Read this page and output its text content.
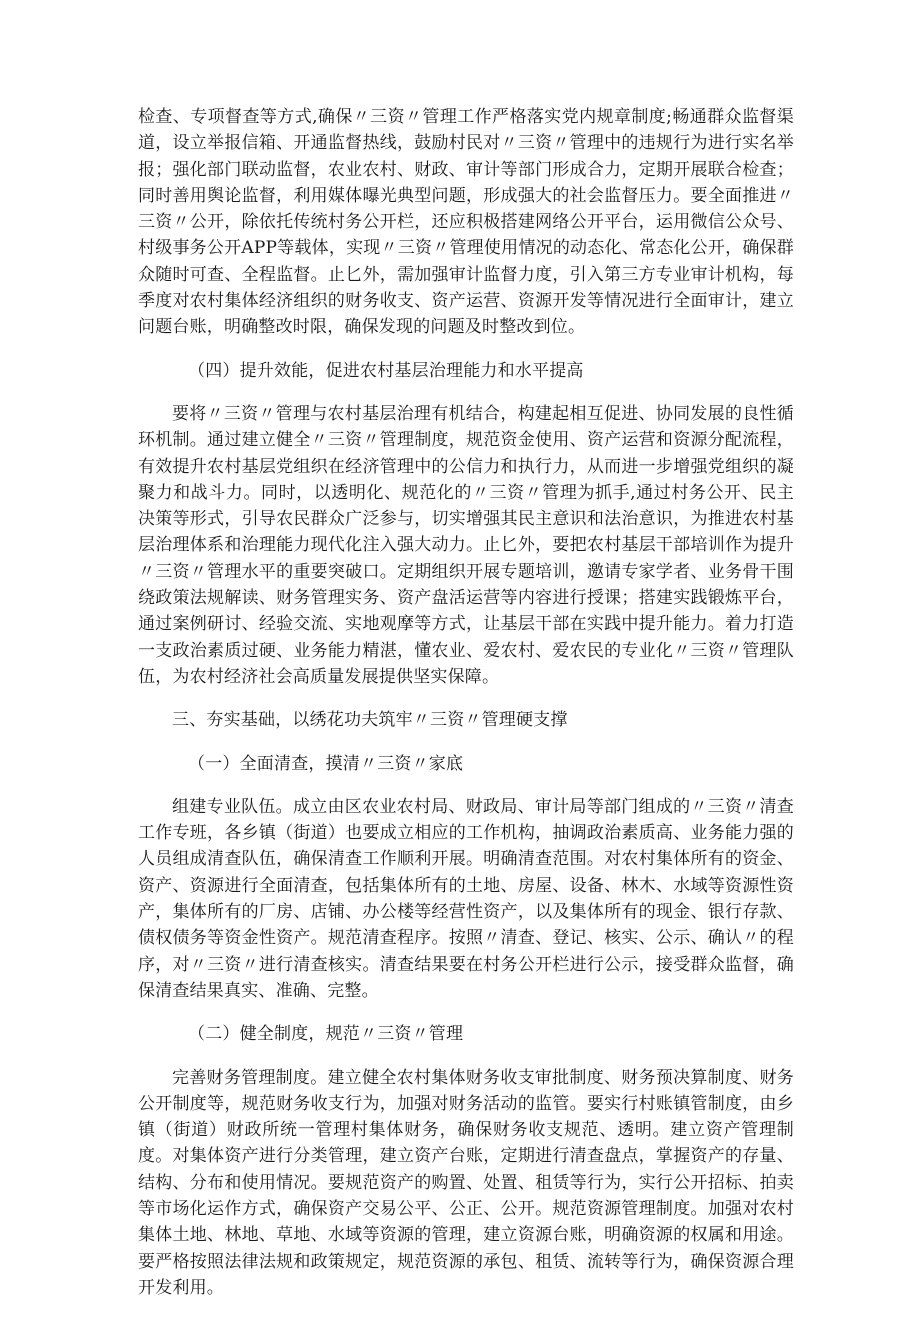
检查、专项督查等方式,确保〃三资〃管理工作严格落实党内规章制度;畅通群众监督渠道，设立举报信箱、开通监督热线，鼓励村民对〃三资〃管理中的违规行为进行实名举报；强化部门联动监督，农业农村、财政、审计等部门形成合力，定期开展联合检查；同时善用舆论监督，利用媒体曝光典型问题，形成强大的社会监督压力。要全面推进〃三资〃公开，除依托传统村务公开栏，还应积极搭建网络公开平台，运用微信公众号、村级事务公开APP等载体，实现〃三资〃管理使用情况的动态化、常态化公开，确保群众随时可查、全程监督。止匕外，需加强审计监督力度，引入第三方专业审计机构，每季度对农村集体经济组织的财务收支、资产运营、资源开发等情况进行全面审计，建立问题台账，明确整改时限，确保发现的问题及时整改到位。

（四）提升效能，促进农村基层治理能力和水平提高

要将〃三资〃管理与农村基层治理有机结合，构建起相互促进、协同发展的良性循环机制。通过建立健全〃三资〃管理制度，规范资金使用、资产运营和资源分配流程，有效提升农村基层党组织在经济管理中的公信力和执行力，从而进一步增强党组织的凝聚力和战斗力。同时，以透明化、规范化的〃三资〃管理为抓手,通过村务公开、民主决策等形式，引导农民群众广泛参与，切实增强其民主意识和法治意识，为推进农村基层治理体系和治理能力现代化注入强大动力。止匕外，要把农村基层干部培训作为提升〃三资〃管理水平的重要突破口。定期组织开展专题培训，邀请专家学者、业务骨干围绕政策法规解读、财务管理实务、资产盘活运营等内容进行授课；搭建实践锻炼平台，通过案例研讨、经验交流、实地观摩等方式，让基层干部在实践中提升能力。着力打造一支政治素质过硬、业务能力精湛，懂农业、爱农村、爱农民的专业化〃三资〃管理队伍，为农村经济社会高质量发展提供坚实保障。

三、夯实基础，以绣花功夫筑牢〃三资〃管理硬支撑

（一）全面清查，摸清〃三资〃家底

组建专业队伍。成立由区农业农村局、财政局、审计局等部门组成的〃三资〃清查工作专班，各乡镇（街道）也要成立相应的工作机构，抽调政治素质高、业务能力强的人员组成清查队伍，确保清查工作顺利开展。明确清查范围。对农村集体所有的资金、资产、资源进行全面清查，包括集体所有的土地、房屋、设备、林木、水域等资源性资产，集体所有的厂房、店铺、办公楼等经营性资产，以及集体所有的现金、银行存款、债权债务等资金性资产。规范清查程序。按照〃清查、登记、核实、公示、确认〃的程序，对〃三资〃进行清查核实。清查结果要在村务公开栏进行公示，接受群众监督，确保清查结果真实、准确、完整。

（二）健全制度，规范〃三资〃管理

完善财务管理制度。建立健全农村集体财务收支审批制度、财务预决算制度、财务公开制度等，规范财务收支行为，加强对财务活动的监管。要实行村账镇管制度，由乡镇（街道）财政所统一管理村集体财务，确保财务收支规范、透明。建立资产管理制度。对集体资产进行分类管理，建立资产台账，定期进行清查盘点，掌握资产的存量、结构、分布和使用情况。要规范资产的购置、处置、租赁等行为，实行公开招标、拍卖等市场化运作方式，确保资产交易公平、公正、公开。规范资源管理制度。加强对农村集体土地、林地、草地、水域等资源的管理，建立资源台账，明确资源的权属和用途。要严格按照法律法规和政策规定，规范资源的承包、租赁、流转等行为，确保资源合理开发利用。
